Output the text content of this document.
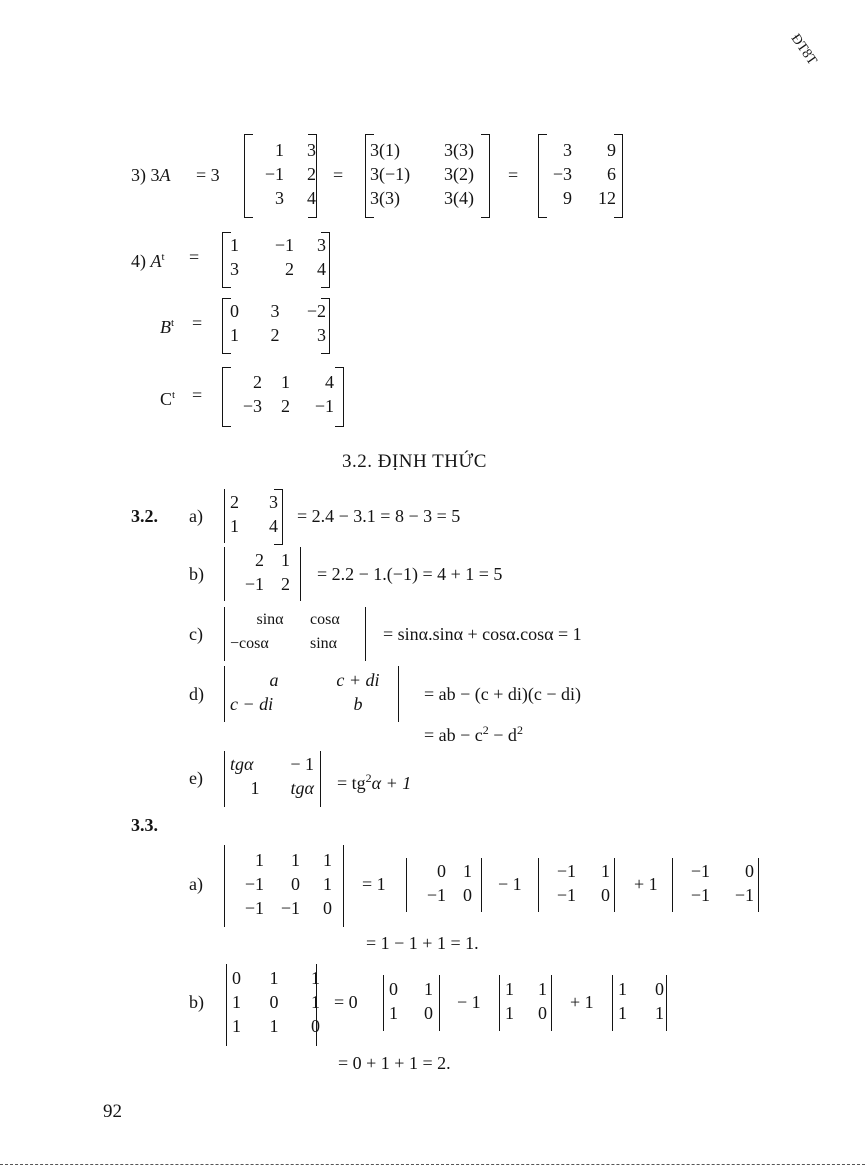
ĐT8T
3) 3A = 3
1	3
−1	2
3	4
=
3(1)	3(3)
3(−1)	3(2)
3(3)	3(4)
=
3	9
−3	6
9	12
4) $A^t$ =
1	−1	3
3	2	4
$B^t$ =
0	3	−2
1	2	3
$C^t$ =
2	1	4
−3	2	−1
3.2. ĐỊNH THỨC
3.2. a)
2	3
1	4 = 2.4 − 3.1 = 8 − 3 = 5
b)
2 1
−1 2 = 2.2 − 1.(−1) = 4 + 1 = 5
c)
sinα	cosα
−cosα	sinα	= sinα.sinα + cosα.cosα = 1
d)
a	c + di
c − di	b	= ab − (c + di)(c − di)
= ab − $c^2 - d^2$
e)
tgα	− 1
1	$tg\alpha = tg^2\alpha + 1$
3.3.
a)
1	1	1
−1	0	1
−1 −1	0
= 1
0 1
−1 0
− 1
−1	1
−1	0
+ 1
−1	0
−1	−1
= 1 − 1 + 1 = 1.
b)
0	1	1
1	0	1
1	1	0
= 0
0	1
1	0
− 1
1	1
1	0
+ 1
1	0
1	1
= 0 + 1 + 1 = 2.
92
